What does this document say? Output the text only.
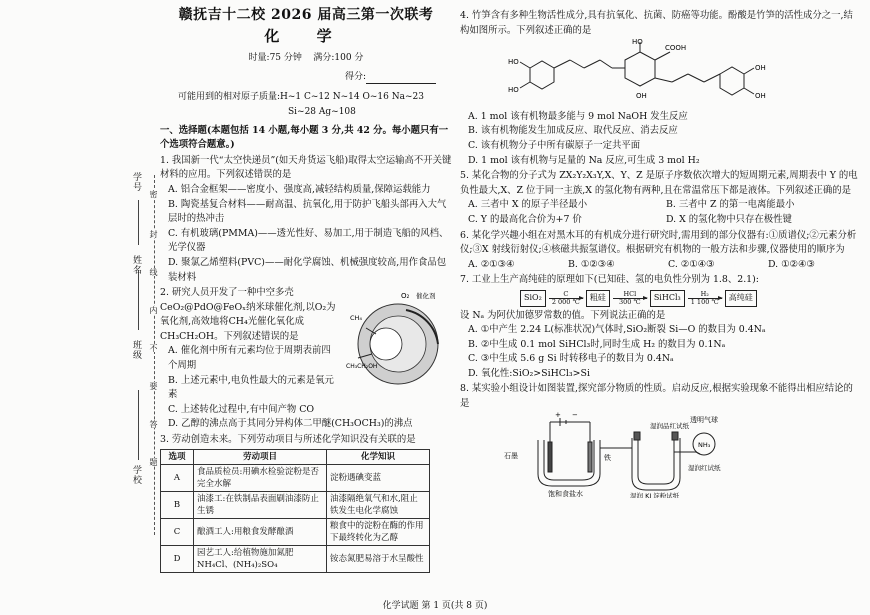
学校
班级
姓名
学号
密
封
线
内
不
要
答
题
赣抚吉十二校 2026 届高三第一次联考
化 学
时量:75 分钟 满分:100 分
得分:

可能用到的相对原子质量:H~1 C~12 N~14 O~16 Na~23

Si~28 Ag~108

一、选择题(本题包括 14 小题,每小题 3 分,共 42 分。每小题只有一个选项符合题意。)

1. 我国新一代“太空快递员”(如天舟货运飞船)取得太空运输高不开关键材料的应用。下列叙述错误的是

A. 铝合金框架——密度小、强度高,减轻结构质量,保障运载能力

B. 陶瓷基复合材料——耐高温、抗氧化,用于防护飞船头部再入大气层时的热冲击

C. 有机玻璃(PMMA)——透光性好、易加工,用于制造飞船的风档、光学仪器

D. 聚氯乙烯塑料(PVC)——耐化学腐蚀、机械强度较高,用作食品包装材料

2. 研究人员开发了一种中空多壳CeO₂@PdO@FeOₓ纳米球催化剂,以O₂为氧化剂,高效地将CH₄光催化氧化成CH₃CH₂OH。下列叙述错误的是

A. 催化剂中所有元素均位于周期表前四个周期

B. 上述元素中,电负性最大的元素是氧元素

C. 上述转化过程中,有中间产物 CO

D. 乙醇的沸点高于其同分异构体二甲醚(CH₃OCH₃)的沸点

O₂ 催化剂
CH₄
CH₃CH₂OH

3. 劳动创造未来。下列劳动项目与所述化学知识没有关联的是

选项	劳动项目	化学知识
A	食品质检员:用碘水检验淀粉是否完全水解	淀粉遇碘变蓝
B	油漆工:在铁制品表面刷油漆防止生锈	油漆隔绝氧气和水,阻止铁发生电化学腐蚀
C	酿酒工人:用粮食发酵酿酒	粮食中的淀粉在酶的作用下最终转化为乙醇
D	园艺工人:给植物施加氮肥NH₄Cl、(NH₄)₂SO₄	铵态氮肥易溶于水呈酸性

4. 竹笋含有多种生物活性成分,具有抗氧化、抗菌、防癌等功能。酚酸是竹笋的活性成分之一,结构如图所示。下列叙述正确的是

HO
HO
OH
OH
HO
COOH
OH

A. 1 mol 该有机物最多能与 9 mol NaOH 发生反应

B. 该有机物能发生加成反应、取代反应、消去反应

C. 该有机物分子中所有碳原子一定共平面

D. 1 mol 该有机物与足量的 Na 反应,可生成 3 mol H₂

5. 某化合物的分子式为 ZX₂Y₂X₃Y,X、Y、Z 是原子序数依次增大的短周期元素,周期表中 Y 的电负性最大,X、Z 位于同一主族,X 的氢化物有两种,且在常温常压下都是液体。下列叙述正确的是

A. 三者中 X 的原子半径最小	B. 三者中 Z 的第一电离能最小

C. Y 的最高化合价为+7 价	D. X 的氢化物中只存在极性键

6. 某化学兴趣小组在对黑木耳的有机成分进行研究时,需用到的部分仪器有:①质谱仪;②元素分析仪;③X 射线衍射仪;④核磁共振氢谱仪。根据研究有机物的一般方法和步骤,仪器使用的顺序为

A. ②①③④	B. ①②③④	C. ②①④③	D. ①②④③

7. 工业上生产高纯硅的原理如下(已知硅、氢的电负性分别为 1.8、2.1):

SiO₂	C
2 000 ℃	粗硅	HCl
300 ℃	SiHCl₃	H₂
1 100 ℃	高纯硅

设 Nₐ 为阿伏加德罗常数的值。下列说法正确的是

A. ①中产生 2.24 L(标准状况)气体时,SiO₂断裂 Si—O 的数目为 0.4Nₐ

B. ②中生成 0.1 mol SiHCl₃时,同时生成 H₂ 的数目为 0.1Nₐ

C. ③中生成 5.6 g Si 时转移电子的数目为 0.4Nₐ

D. 氧化性:SiO₂>SiHCl₃>Si

8. 某实验小组设计如图装置,探究部分物质的性质。启动反应,根据实验现象不能得出相应结论的是

+ −
石墨	铁
饱和食盐水
透明气球
NH₃
湿润品红试纸
湿润红试纸
湿润 KI 淀粉试纸
化学试题 第 1 页(共 8 页)
